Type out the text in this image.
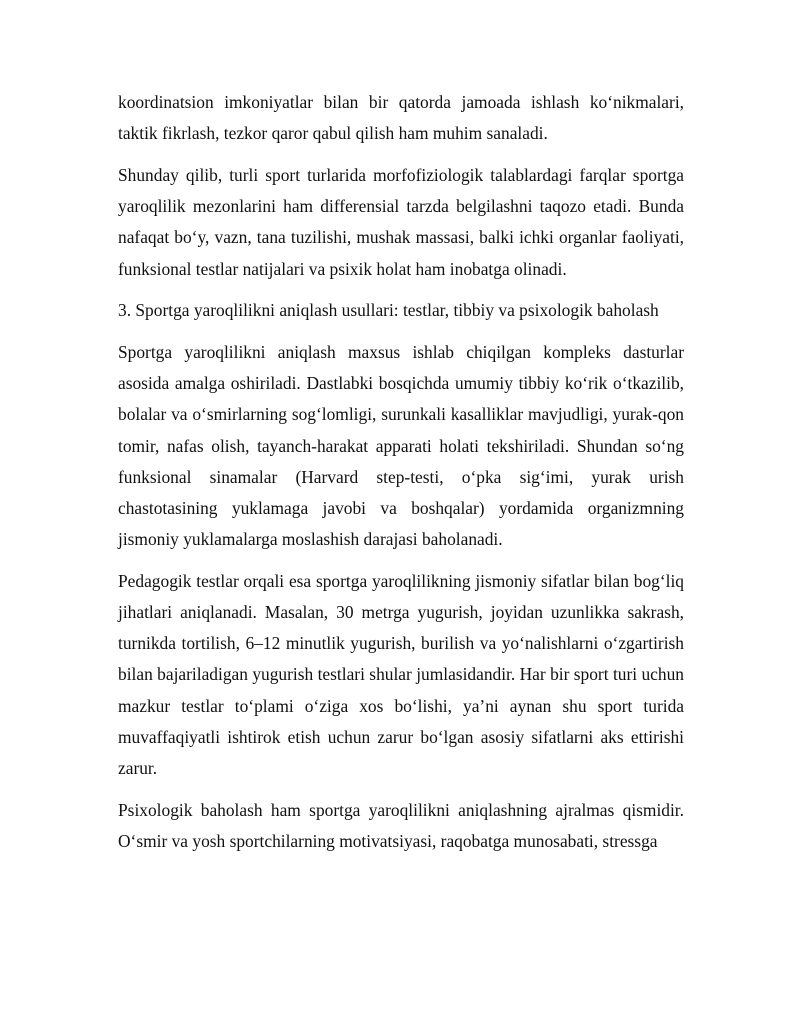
koordinatsion imkoniyatlar bilan bir qatorda jamoada ishlash koʻnikmalari, taktik fikrlash, tezkor qaror qabul qilish ham muhim sanaladi.

Shunday qilib, turli sport turlarida morfofiziologik talablardagi farqlar sportga yaroqlilik mezonlarini ham differensial tarzda belgilashni taqozo etadi. Bunda nafaqat boʻy, vazn, tana tuzilishi, mushak massasi, balki ichki organlar faoliyati, funksional testlar natijalari va psixik holat ham inobatga olinadi.

3. Sportga yaroqlilikni aniqlash usullari: testlar, tibbiy va psixologik baholash

Sportga yaroqlilikni aniqlash maxsus ishlab chiqilgan kompleks dasturlar asosida amalga oshiriladi. Dastlabki bosqichda umumiy tibbiy koʻrik oʻtkazilib, bolalar va oʻsmirlarning sogʻlomligi, surunkali kasalliklar mavjudligi, yurak-qon tomir, nafas olish, tayanch-harakat apparati holati tekshiriladi. Shundan soʻng funksional sinamalar (Harvard step-testi, oʻpka sigʻimi, yurak urish chastotasining yuklamaga javobi va boshqalar) yordamida organizmning jismoniy yuklamalarga moslashish darajasi baholanadi.

Pedagogik testlar orqali esa sportga yaroqlilikning jismoniy sifatlar bilan bogʻliq jihatlari aniqlanadi. Masalan, 30 metrga yugurish, joyidan uzunlikka sakrash, turnikda tortilish, 6–12 minutlik yugurish, burilish va yoʻnalishlarni oʻzgartirish bilan bajariladigan yugurish testlari shular jumlasidandir. Har bir sport turi uchun mazkur testlar toʻplami oʻziga xos boʻlishi, yaʼni aynan shu sport turida muvaffaqiyatli ishtirok etish uchun zarur boʻlgan asosiy sifatlarni aks ettirishi zarur.

Psixologik baholash ham sportga yaroqlilikni aniqlashning ajralmas qismidir. Oʻsmir va yosh sportchilarning motivatsiyasi, raqobatga munosabati, stressga
